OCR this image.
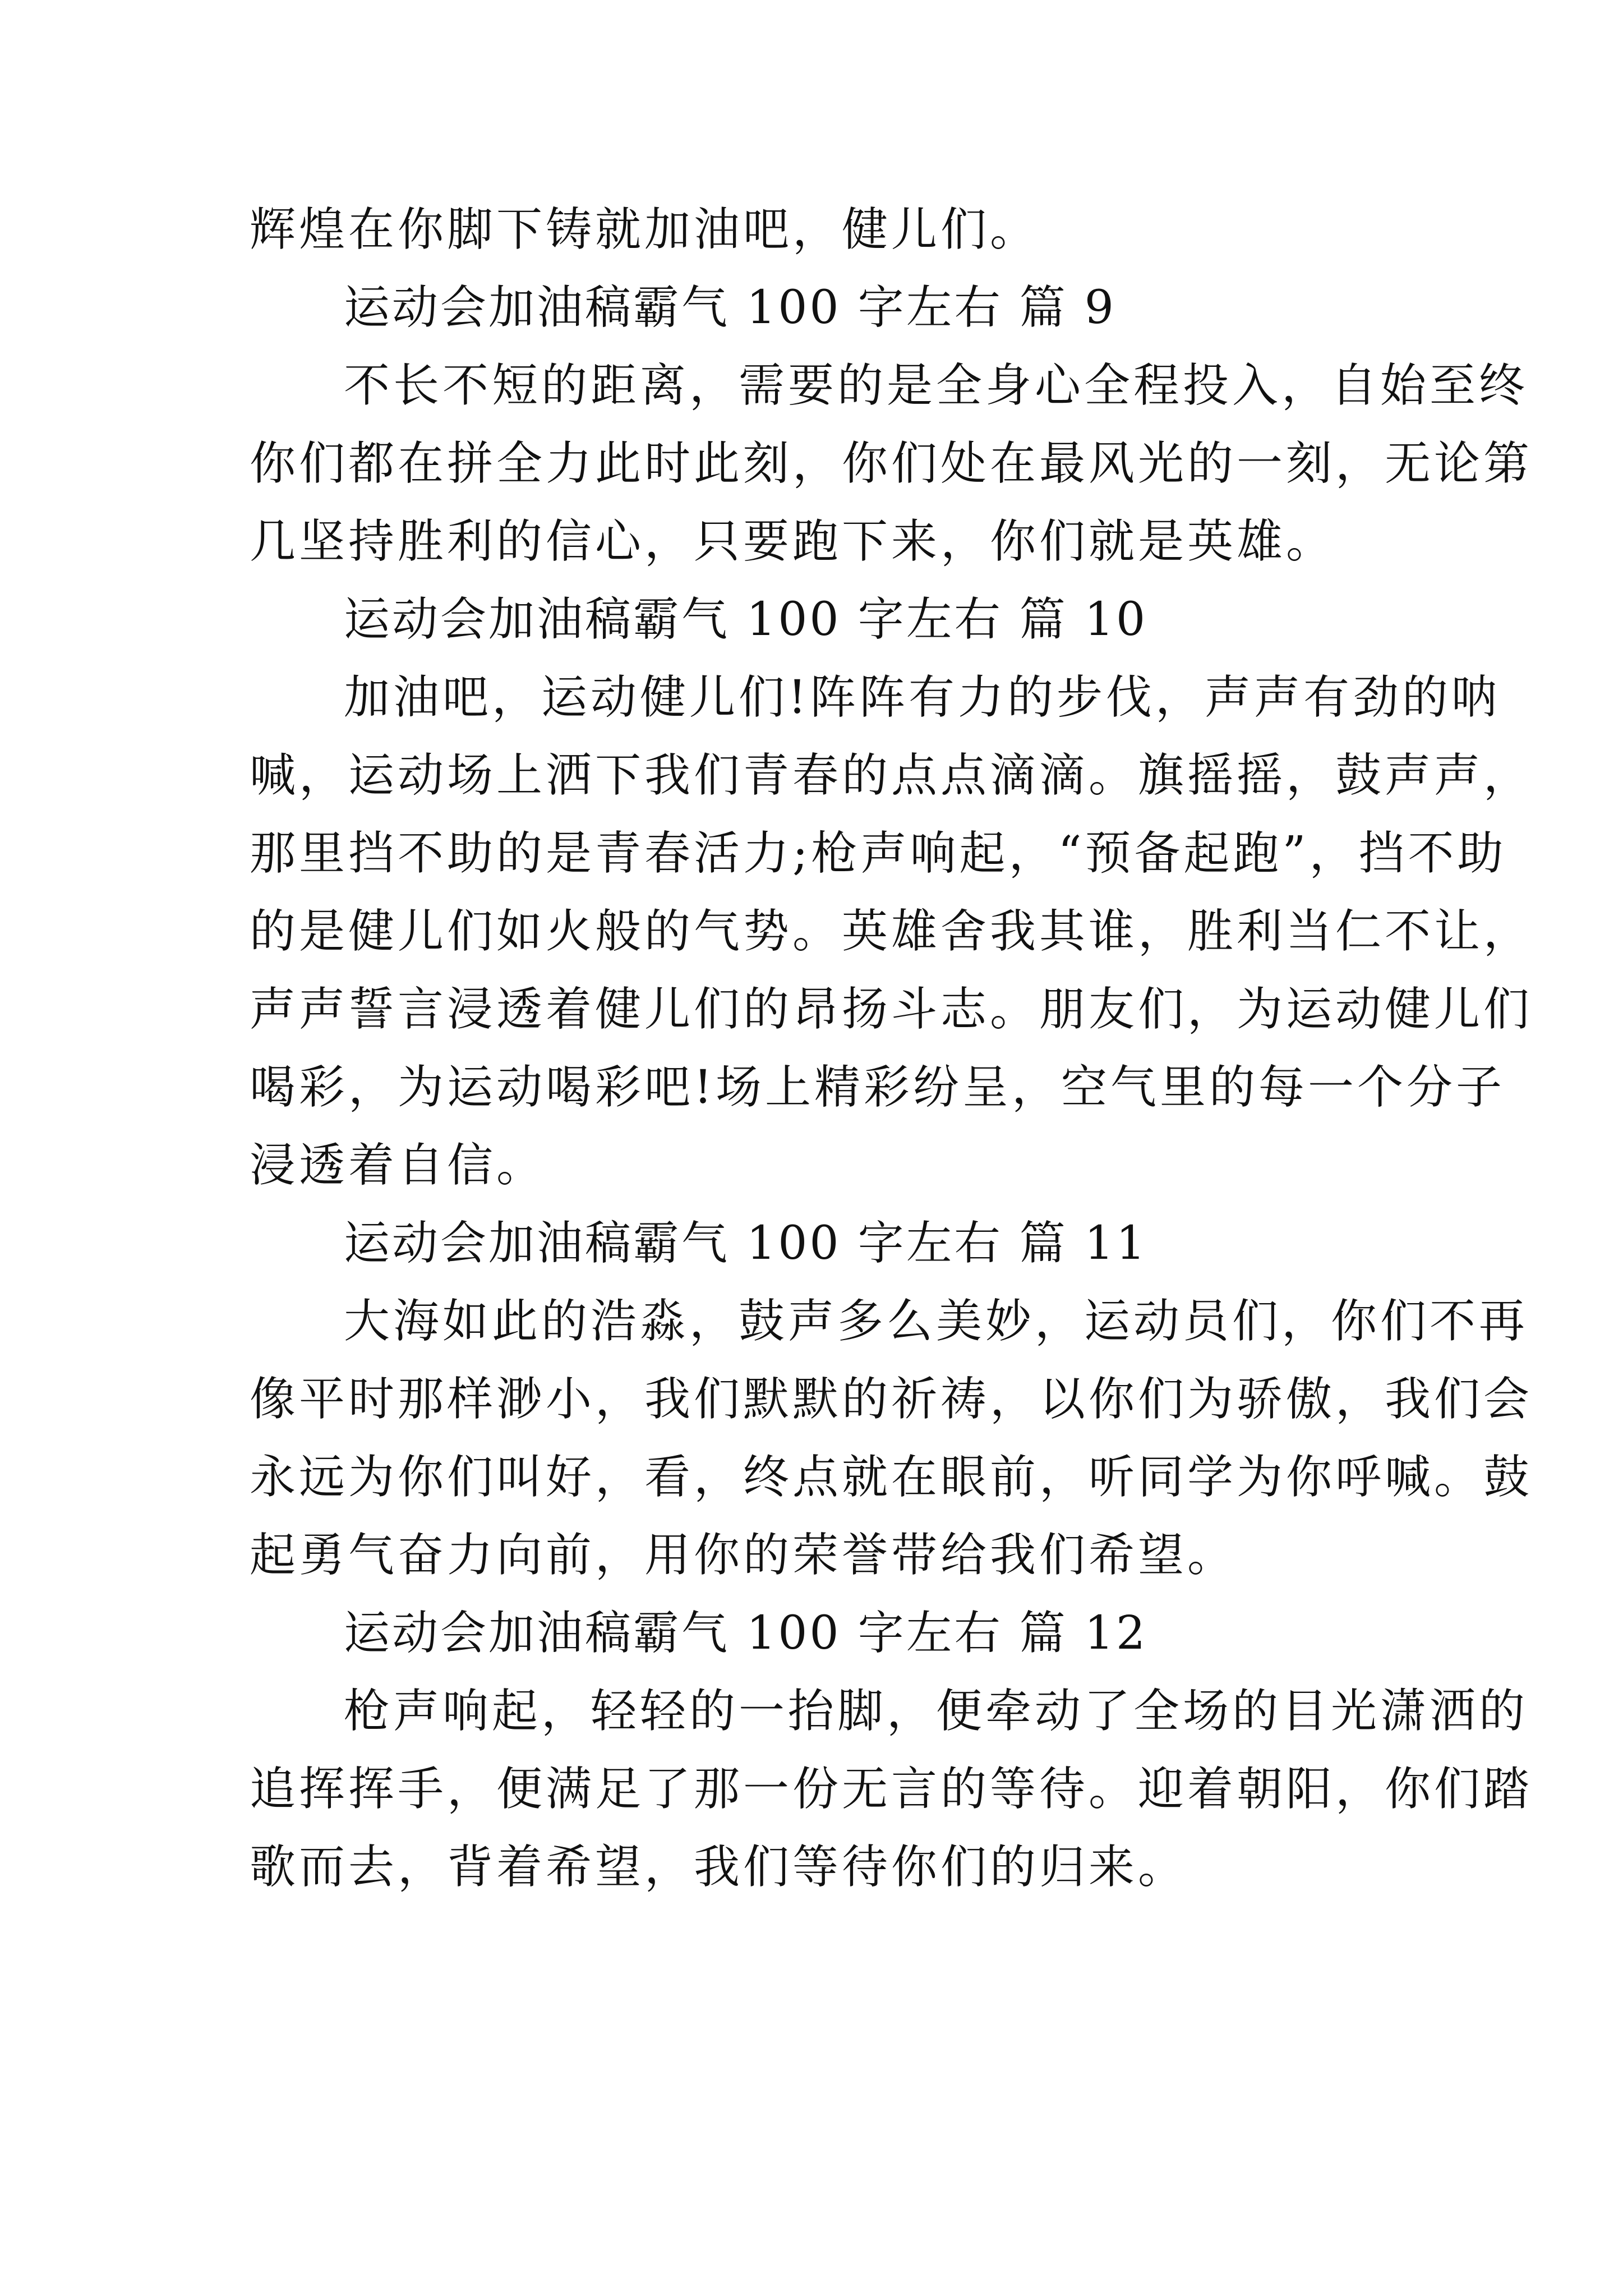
辉煌在你脚下铸就加油吧，健儿们。
运动会加油稿霸气 100 字左右 篇 9
不长不短的距离，需要的是全身心全程投入，自始至终
你们都在拼全力此时此刻，你们处在最风光的一刻，无论第
几坚持胜利的信心，只要跑下来，你们就是英雄。
运动会加油稿霸气 100 字左右 篇 10
加油吧，运动健儿们!阵阵有力的步伐，声声有劲的呐
喊，运动场上洒下我们青春的点点滴滴。旗摇摇，鼓声声，
那里挡不助的是青春活力;枪声响起，“预备起跑”，挡不助
的是健儿们如火般的气势。英雄舍我其谁，胜利当仁不让，
声声誓言浸透着健儿们的昂扬斗志。朋友们，为运动健儿们
喝彩，为运动喝彩吧!场上精彩纷呈，空气里的每一个分子
浸透着自信。
运动会加油稿霸气 100 字左右 篇 11
大海如此的浩淼，鼓声多么美妙，运动员们，你们不再
像平时那样渺小，我们默默的祈祷，以你们为骄傲，我们会
永远为你们叫好，看，终点就在眼前，听同学为你呼喊。鼓
起勇气奋力向前，用你的荣誉带给我们希望。
运动会加油稿霸气 100 字左右 篇 12
枪声响起，轻轻的一抬脚，便牵动了全场的目光潇洒的
追挥挥手，便满足了那一份无言的等待。迎着朝阳，你们踏
歌而去，背着希望，我们等待你们的归来。
